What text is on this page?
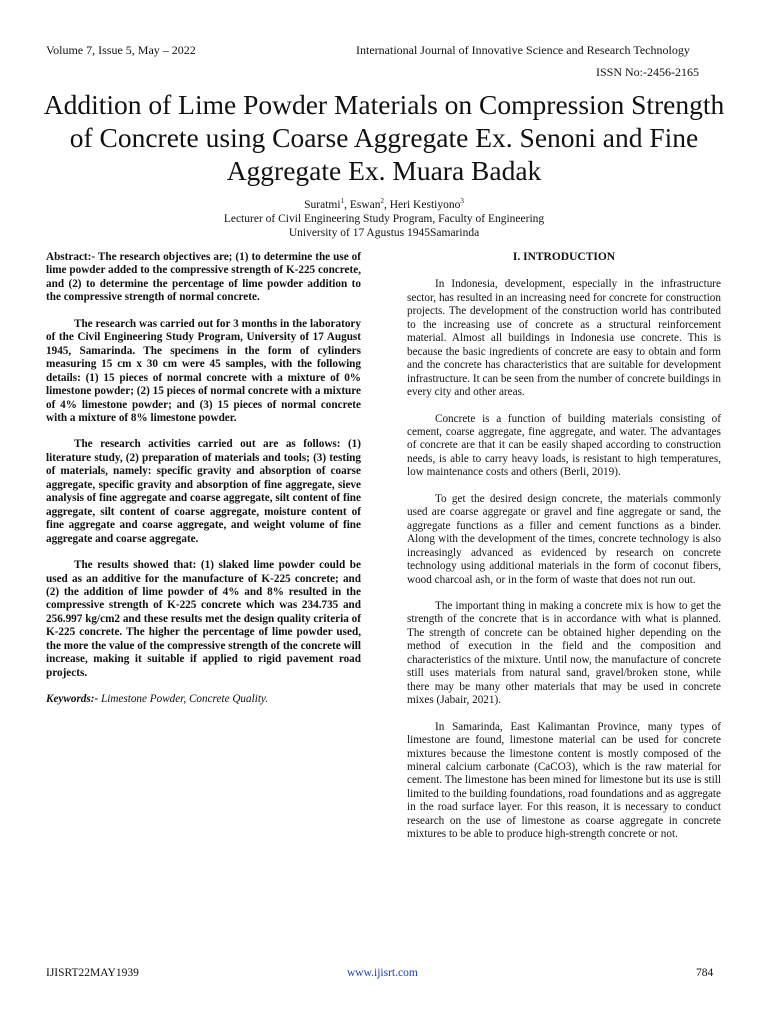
Volume 7, Issue 5, May – 2022	International Journal of Innovative Science and Research Technology
ISSN No:-2456-2165
Addition of Lime Powder Materials on Compression Strength of Concrete using Coarse Aggregate Ex. Senoni and Fine Aggregate Ex. Muara Badak
Suratmi$^1$, Eswan$^2$, Heri Kestiyono$^3$
Lecturer of Civil Engineering Study Program, Faculty of Engineering
University of 17 Agustus 1945Samarinda

Abstract:- The research objectives are; (1) to determine the use of lime powder added to the compressive strength of K-225 concrete, and (2) to determine the percentage of lime powder addition to the compressive strength of normal concrete.

The research was carried out for 3 months in the laboratory of the Civil Engineering Study Program, University of 17 August 1945, Samarinda. The specimens in the form of cylinders measuring 15 cm x 30 cm were 45 samples, with the following details: (1) 15 pieces of normal concrete with a mixture of 0% limestone powder; (2) 15 pieces of normal concrete with a mixture of 4% limestone powder; and (3) 15 pieces of normal concrete with a mixture of 8% limestone powder.

The research activities carried out are as follows: (1) literature study, (2) preparation of materials and tools; (3) testing of materials, namely: specific gravity and absorption of coarse aggregate, specific gravity and absorption of fine aggregate, sieve analysis of fine aggregate and coarse aggregate, silt content of fine aggregate, silt content of coarse aggregate, moisture content of fine aggregate and coarse aggregate, and weight volume of fine aggregate and coarse aggregate.

The results showed that: (1) slaked lime powder could be used as an additive for the manufacture of K-225 concrete; and (2) the addition of lime powder of 4% and 8% resulted in the compressive strength of K-225 concrete which was 234.735 and 256.997 kg/cm2 and these results met the design quality criteria of K-225 concrete. The higher the percentage of lime powder used, the more the value of the compressive strength of the concrete will increase, making it suitable if applied to rigid pavement road projects.

Keywords:- Limestone Powder, Concrete Quality.

I. INTRODUCTION

In Indonesia, development, especially in the infrastructure sector, has resulted in an increasing need for concrete for construction projects. The development of the construction world has contributed to the increasing use of concrete as a structural reinforcement material. Almost all buildings in Indonesia use concrete. This is because the basic ingredients of concrete are easy to obtain and form and the concrete has characteristics that are suitable for development infrastructure. It can be seen from the number of concrete buildings in every city and other areas.

Concrete is a function of building materials consisting of cement, coarse aggregate, fine aggregate, and water. The advantages of concrete are that it can be easily shaped according to construction needs, is able to carry heavy loads, is resistant to high temperatures, low maintenance costs and others (Berli, 2019).

To get the desired design concrete, the materials commonly used are coarse aggregate or gravel and fine aggregate or sand, the aggregate functions as a filler and cement functions as a binder. Along with the development of the times, concrete technology is also increasingly advanced as evidenced by research on concrete technology using additional materials in the form of coconut fibers, wood charcoal ash, or in the form of waste that does not run out.

The important thing in making a concrete mix is how to get the strength of the concrete that is in accordance with what is planned. The strength of concrete can be obtained higher depending on the method of execution in the field and the composition and characteristics of the mixture. Until now, the manufacture of concrete still uses materials from natural sand, gravel/broken stone, while there may be many other materials that may be used in concrete mixes (Jabair, 2021).

In Samarinda, East Kalimantan Province, many types of limestone are found, limestone material can be used for concrete mixtures because the limestone content is mostly composed of the mineral calcium carbonate (CaCO3), which is the raw material for cement. The limestone has been mined for limestone but its use is still limited to the building foundations, road foundations and as aggregate in the road surface layer. For this reason, it is necessary to conduct research on the use of limestone as coarse aggregate in concrete mixtures to be able to produce high-strength concrete or not.

IJISRT22MAY1939	www.ijisrt.com	784
